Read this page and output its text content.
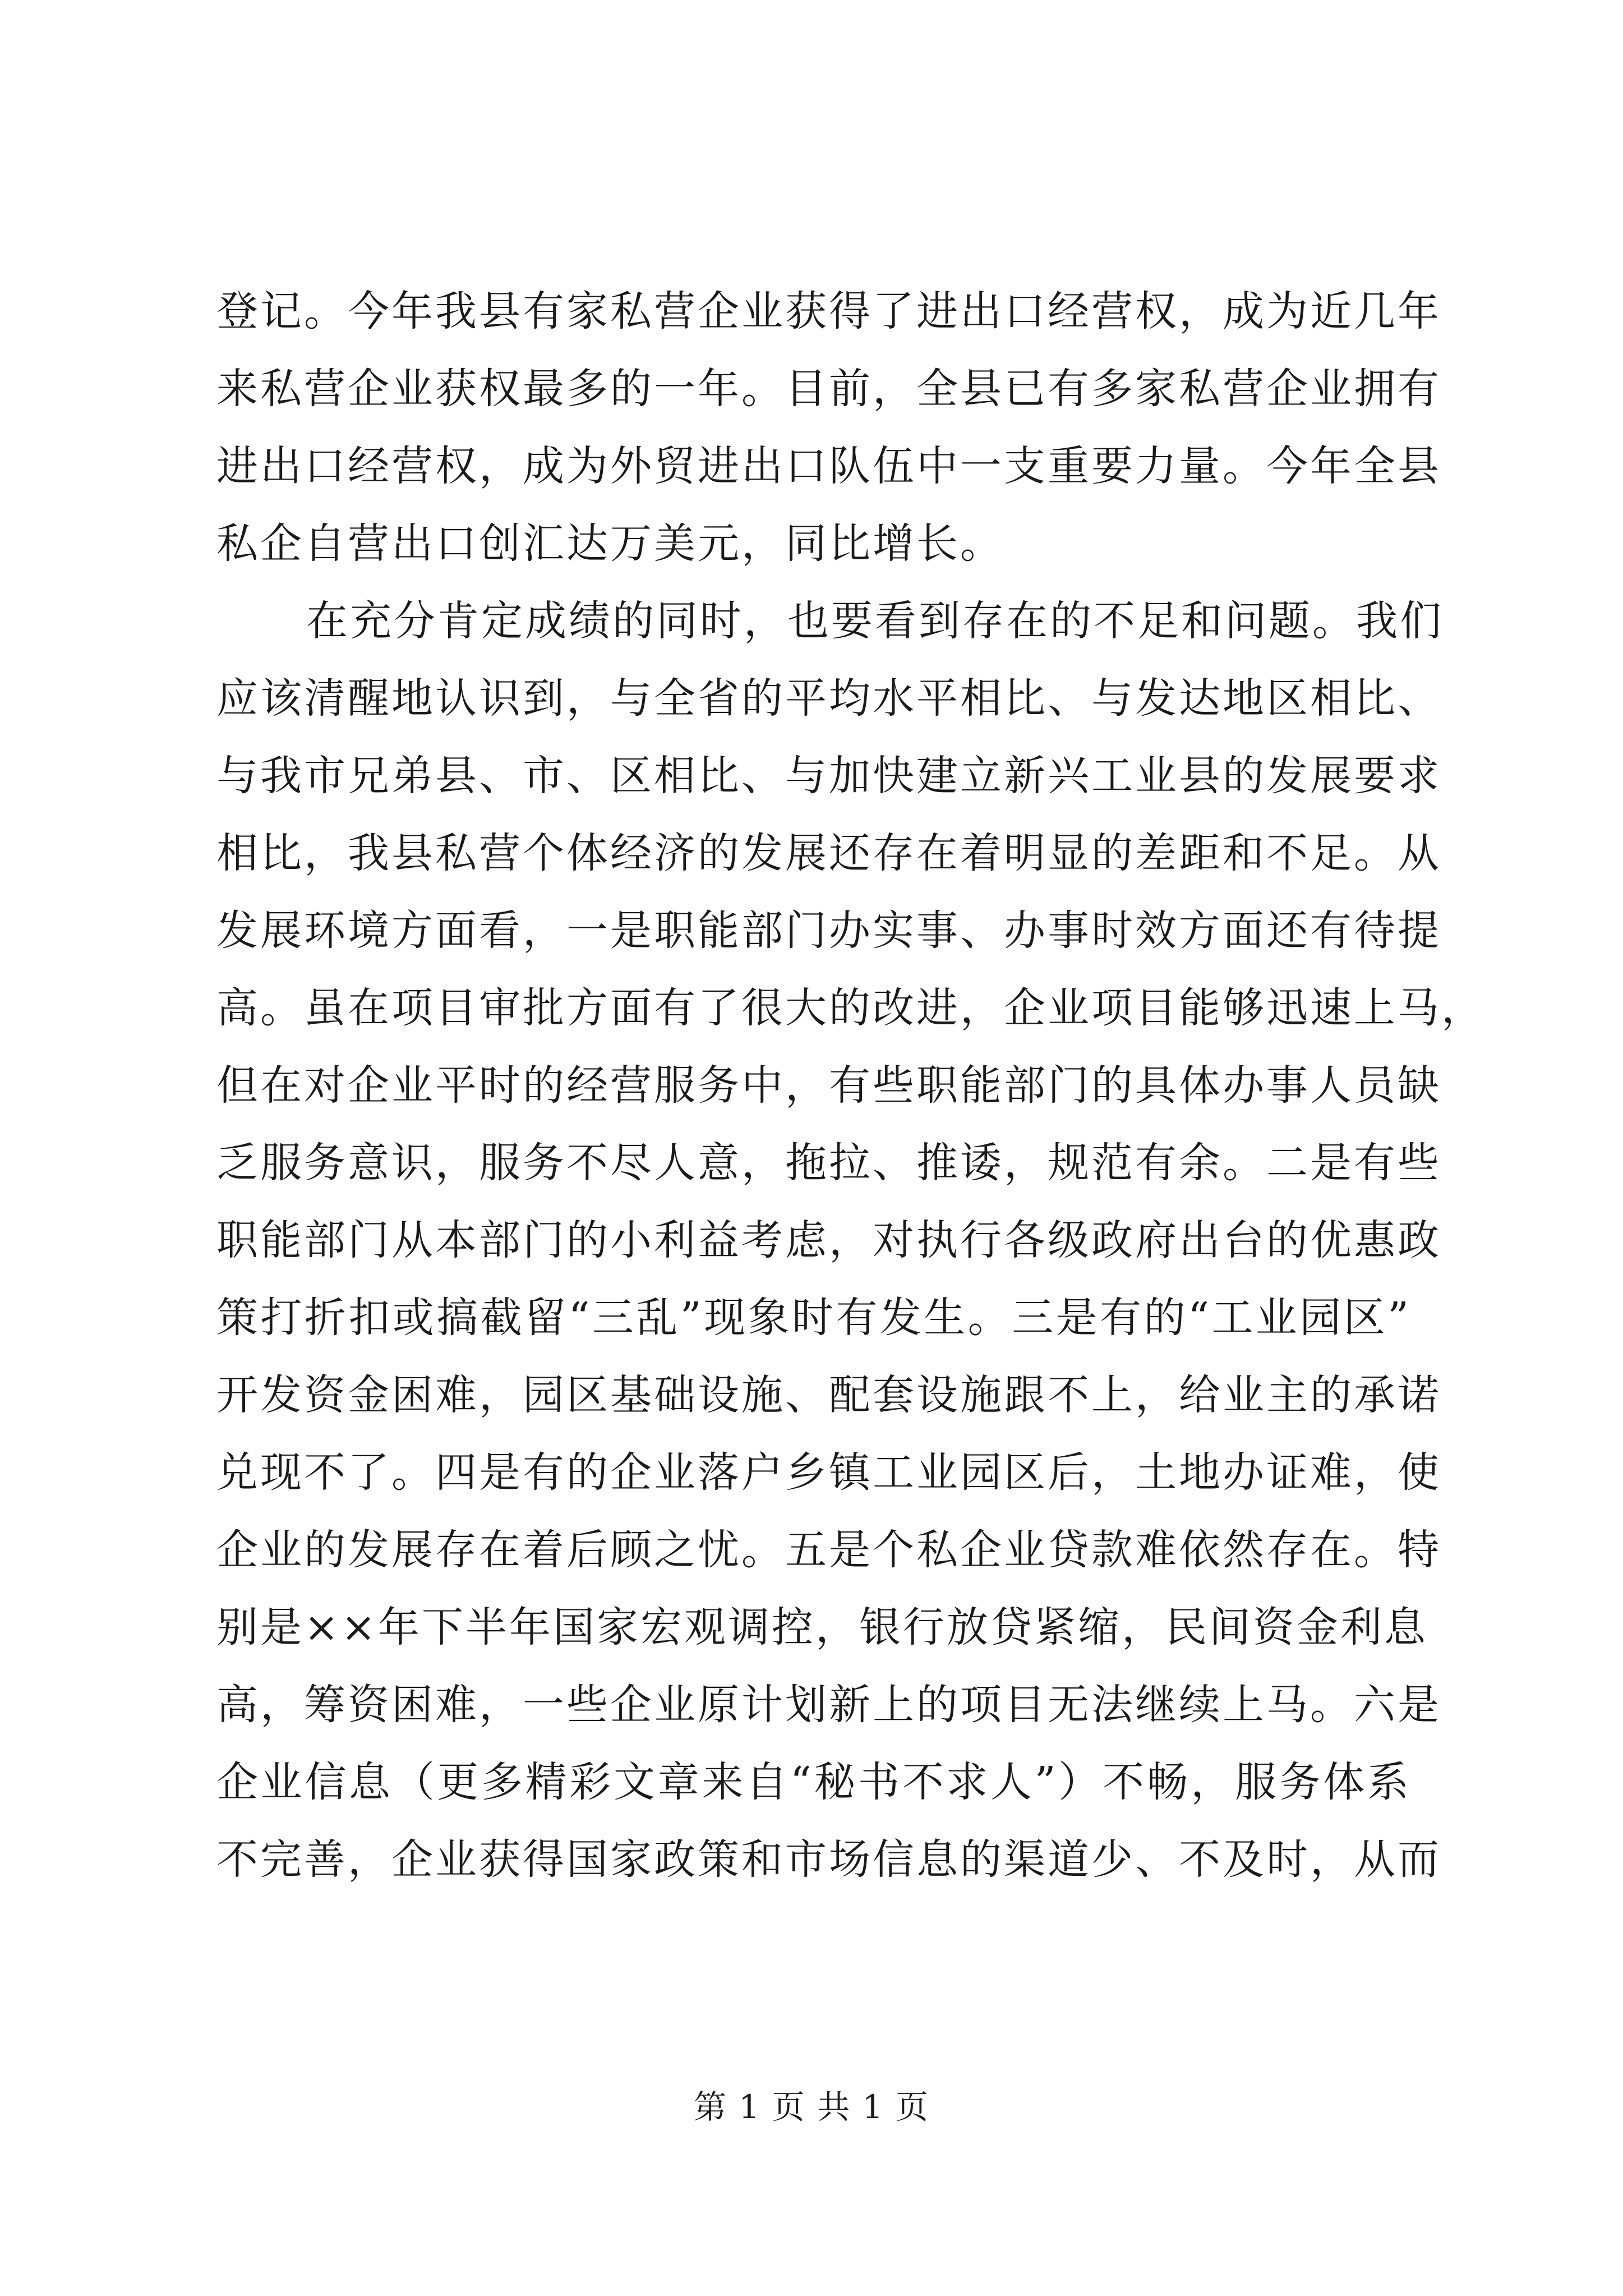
登记。今年我县有家私营企业获得了进出口经营权，成为近几年
来私营企业获权最多的一年。目前，全县已有多家私营企业拥有
进出口经营权，成为外贸进出口队伍中一支重要力量。今年全县
私企自营出口创汇达万美元，同比增长。
在充分肯定成绩的同时，也要看到存在的不足和问题。我们
应该清醒地认识到，与全省的平均水平相比、与发达地区相比、
与我市兄弟县、市、区相比、与加快建立新兴工业县的发展要求
相比，我县私营个体经济的发展还存在着明显的差距和不足。从
发展环境方面看，一是职能部门办实事、办事时效方面还有待提
高。虽在项目审批方面有了很大的改进，企业项目能够迅速上马，
但在对企业平时的经营服务中，有些职能部门的具体办事人员缺
乏服务意识，服务不尽人意，拖拉、推诿，规范有余。二是有些
职能部门从本部门的小利益考虑，对执行各级政府出台的优惠政
策打折扣或搞截留“三乱”现象时有发生。三是有的“工业园区”
开发资金困难，园区基础设施、配套设施跟不上，给业主的承诺
兑现不了。四是有的企业落户乡镇工业园区后，土地办证难，使
企业的发展存在着后顾之忧。五是个私企业贷款难依然存在。特
别是××年下半年国家宏观调控，银行放贷紧缩，民间资金利息
高，筹资困难，一些企业原计划新上的项目无法继续上马。六是
企业信息（更多精彩文章来自“秘书不求人”）不畅，服务体系
不完善，企业获得国家政策和市场信息的渠道少、不及时，从而
第 1 页 共 1 页
